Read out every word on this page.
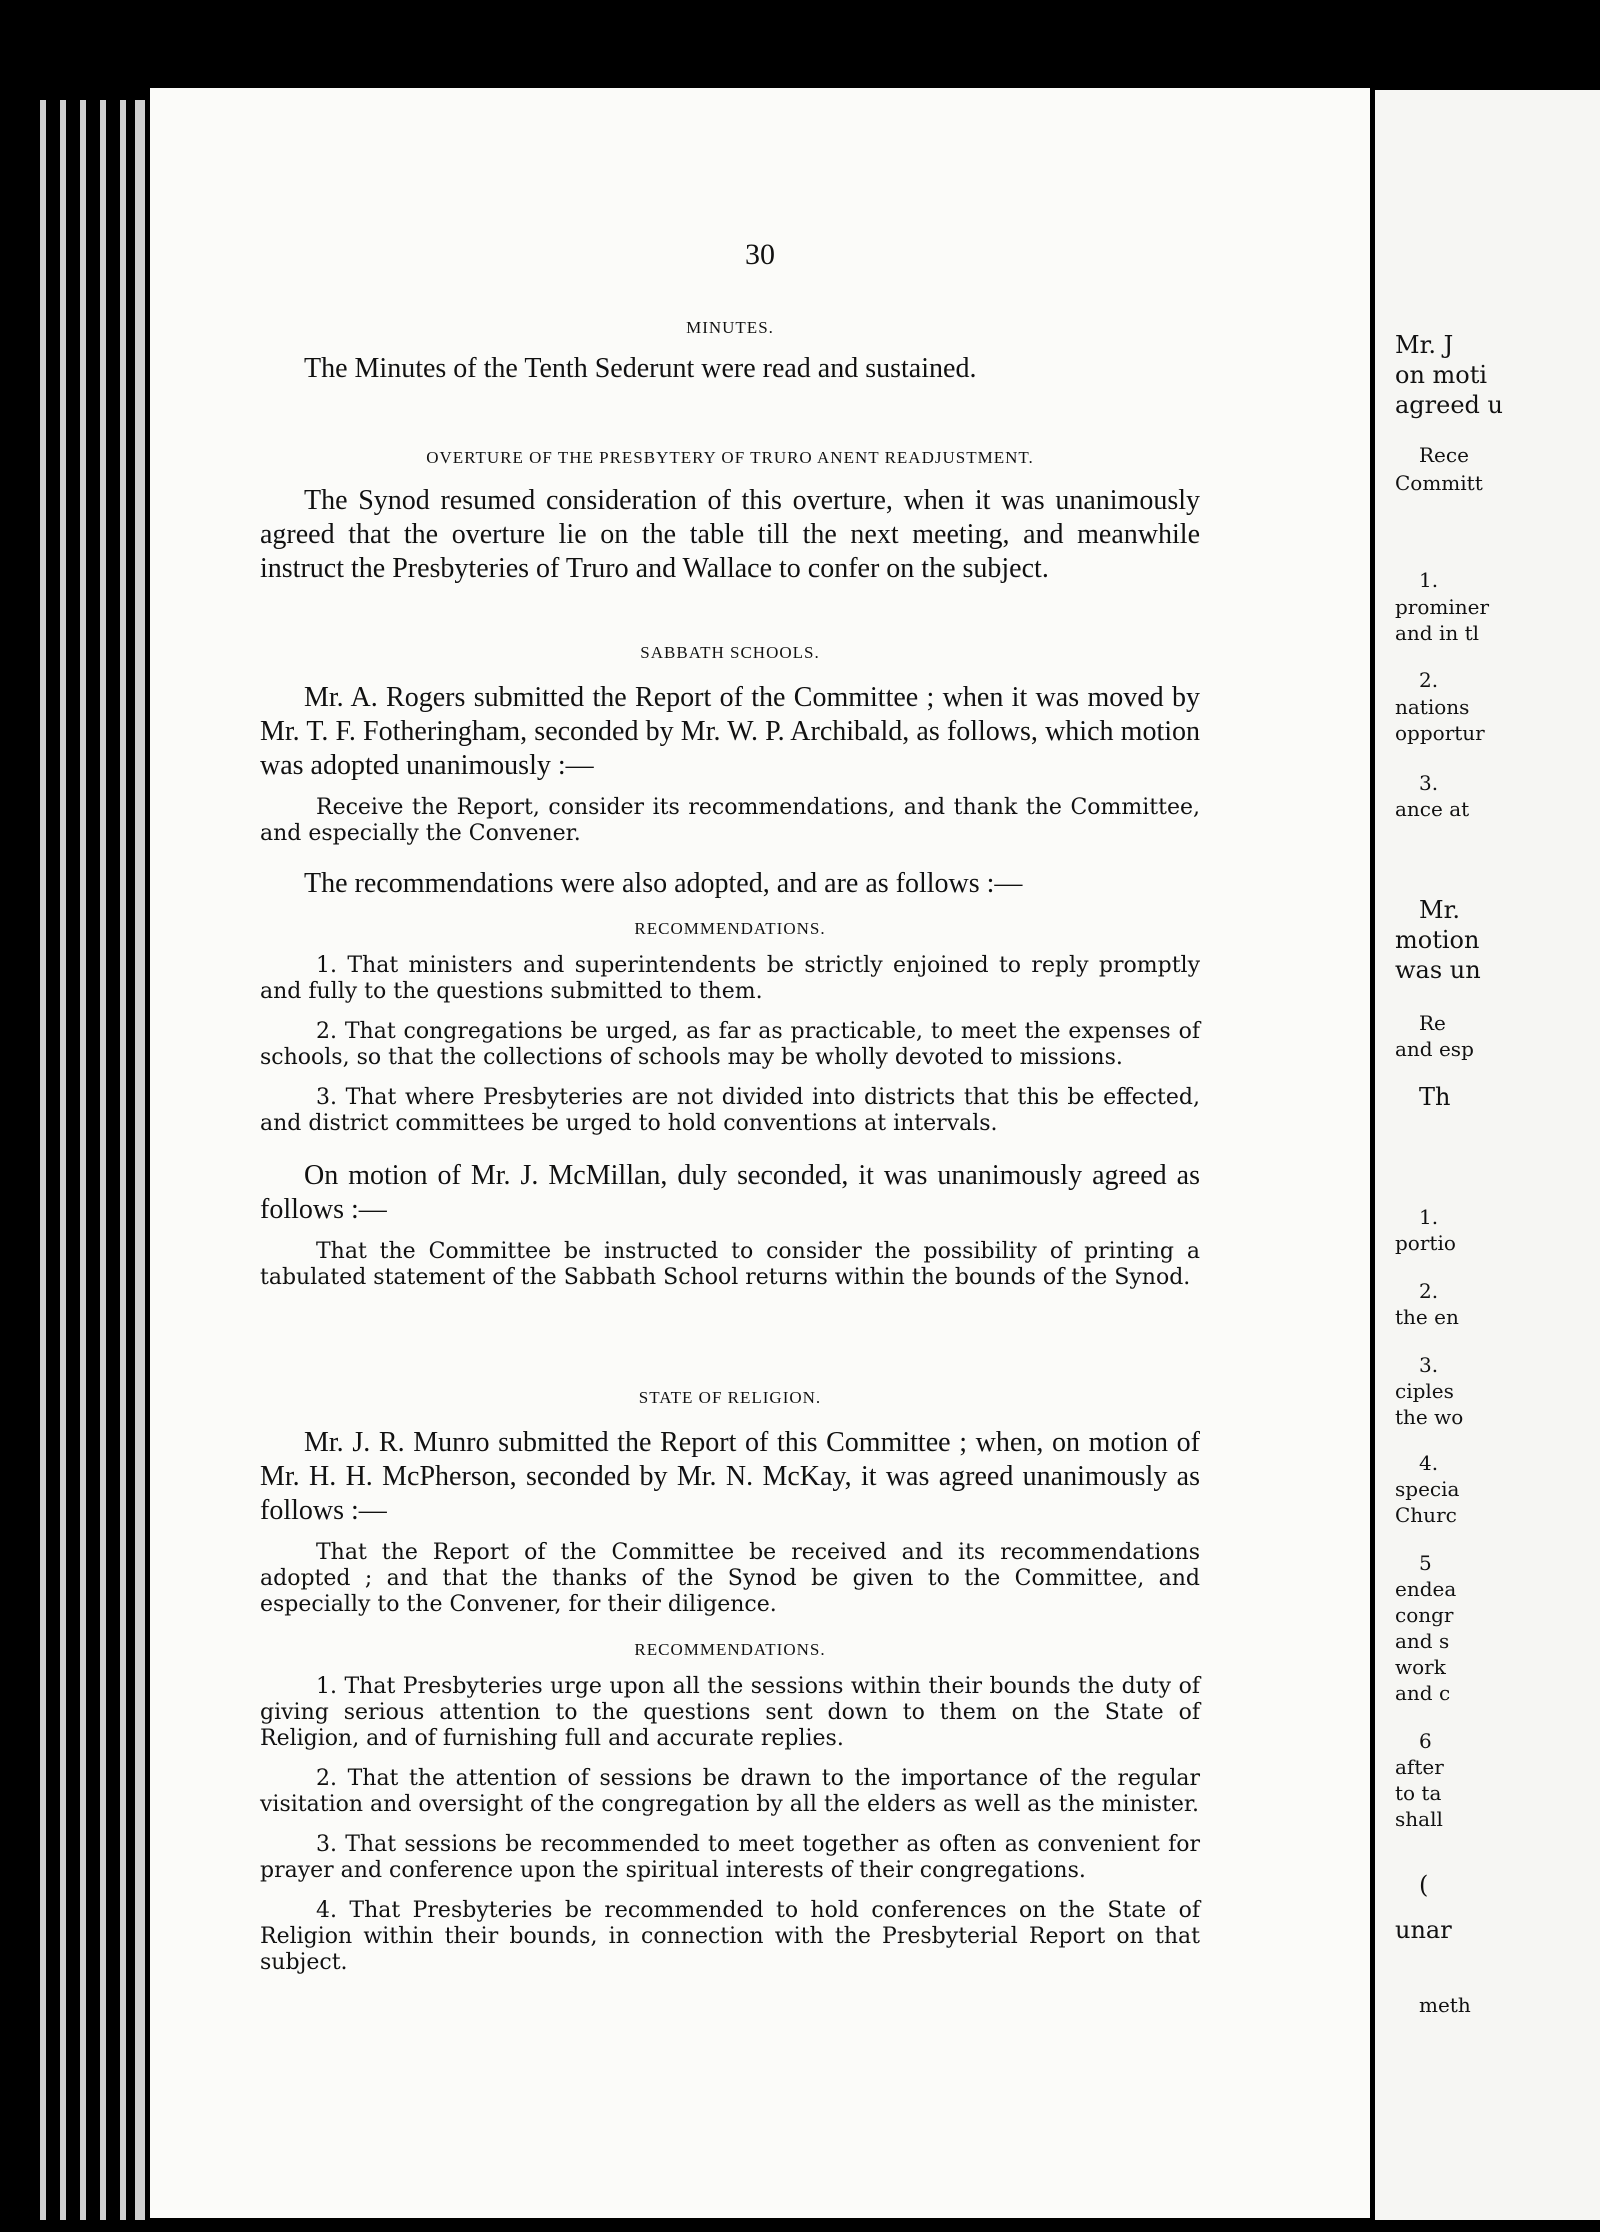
30
MINUTES.

The Minutes of the Tenth Sederunt were read and sustained.

OVERTURE OF THE PRESBYTERY OF TRURO ANENT READJUSTMENT.

The Synod resumed consideration of this overture, when it was unanimously agreed that the overture lie on the table till the next meeting, and meanwhile instruct the Presbyteries of Truro and Wallace to confer on the subject.

SABBATH SCHOOLS.

Mr. A. Rogers submitted the Report of the Committee ; when it was moved by Mr. T. F. Fotheringham, seconded by Mr. W. P. Archibald, as follows, which motion was adopted unanimously :—

Receive the Report, consider its recommendations, and thank the Committee, and especially the Convener.

The recommendations were also adopted, and are as follows :—

RECOMMENDATIONS.

1. That ministers and superintendents be strictly enjoined to reply promptly and fully to the questions submitted to them.

2. That congregations be urged, as far as practicable, to meet the expenses of schools, so that the collections of schools may be wholly devoted to missions.

3. That where Presbyteries are not divided into districts that this be effected, and district committees be urged to hold conventions at intervals.

On motion of Mr. J. McMillan, duly seconded, it was unanimously agreed as follows :—

That the Committee be instructed to consider the possibility of printing a tabulated statement of the Sabbath School returns within the bounds of the Synod.

STATE OF RELIGION.

Mr. J. R. Munro submitted the Report of this Committee ; when, on motion of Mr. H. H. McPherson, seconded by Mr. N. McKay, it was agreed unanimously as follows :—

That the Report of the Committee be received and its recommendations adopted ; and that the thanks of the Synod be given to the Committee, and especially to the Convener, for their diligence.

RECOMMENDATIONS.

1. That Presbyteries urge upon all the sessions within their bounds the duty of giving serious attention to the questions sent down to them on the State of Religion, and of furnishing full and accurate replies.

2. That the attention of sessions be drawn to the importance of the regular visitation and oversight of the congregation by all the elders as well as the minister.

3. That sessions be recommended to meet together as often as convenient for prayer and conference upon the spiritual interests of their congregations.

4. That Presbyteries be recommended to hold conferences on the State of Religion within their bounds, in connection with the Presbyterial Report on that subject.

Mr. J
on moti
agreed u
Rece
Committ
1.
prominer
and in tl
2.
nations
opportur
3.
ance at
Mr.
motion
was un
Re
and esp
Th
1.
portio
2.
the en
3.
ciples
the wo
4.
specia
Churc
5
endea
congr
and s
work
and c
6
after
to ta
shall
(
unar
meth
